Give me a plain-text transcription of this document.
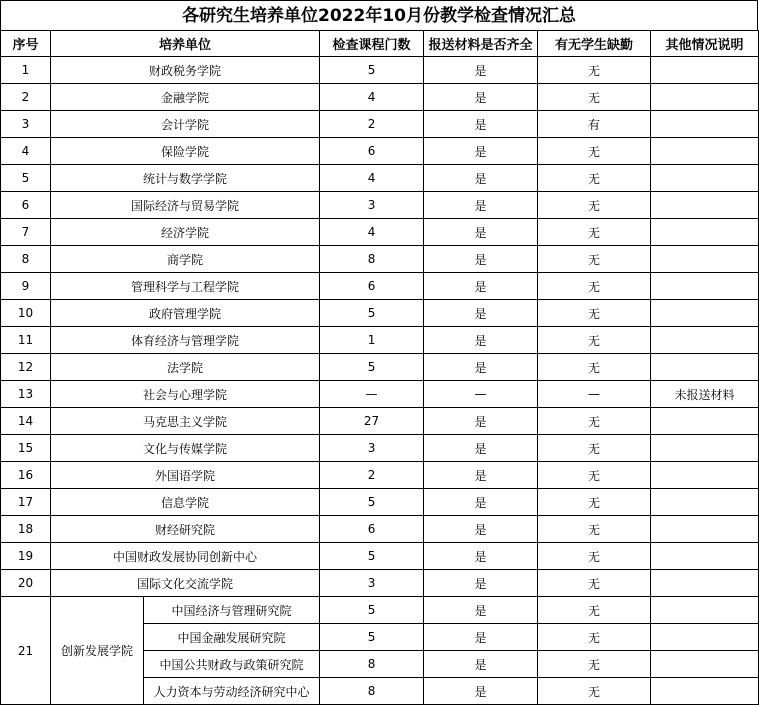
各研究生培养单位2022年10月份教学检查情况汇总
序号	培养单位		检查课程门数	报送材料是否齐全	有无学生缺勤	其他情况说明
1	财政税务学院		5	是	无	
2	金融学院		4	是	无	
3	会计学院		2	是	有	
4	保险学院		6	是	无	
5	统计与数学学院		4	是	无	
6	国际经济与贸易学院		3	是	无	
7	经济学院		4	是	无	
8	商学院		8	是	无	
9	管理科学与工程学院		6	是	无	
10	政府管理学院		5	是	无	
11	体育经济与管理学院		1	是	无	
12	法学院		5	是	无	
13	社会与心理学院		—	—	—	未报送材料
14	马克思主义学院		27	是	无	
15	文化与传媒学院		3	是	无	
16	外国语学院		2	是	无	
17	信息学院		5	是	无	
18	财经研究院		6	是	无	
19	中国财政发展协同创新中心		5	是	无	
20	国际文化交流学院		3	是	无	
21	创新发展学院	中国经济与管理研究院	5	是	无	
		中国金融发展研究院	5	是	无	
		中国公共财政与政策研究院	8	是	无	
		人力资本与劳动经济研究中心	8	是	无	
